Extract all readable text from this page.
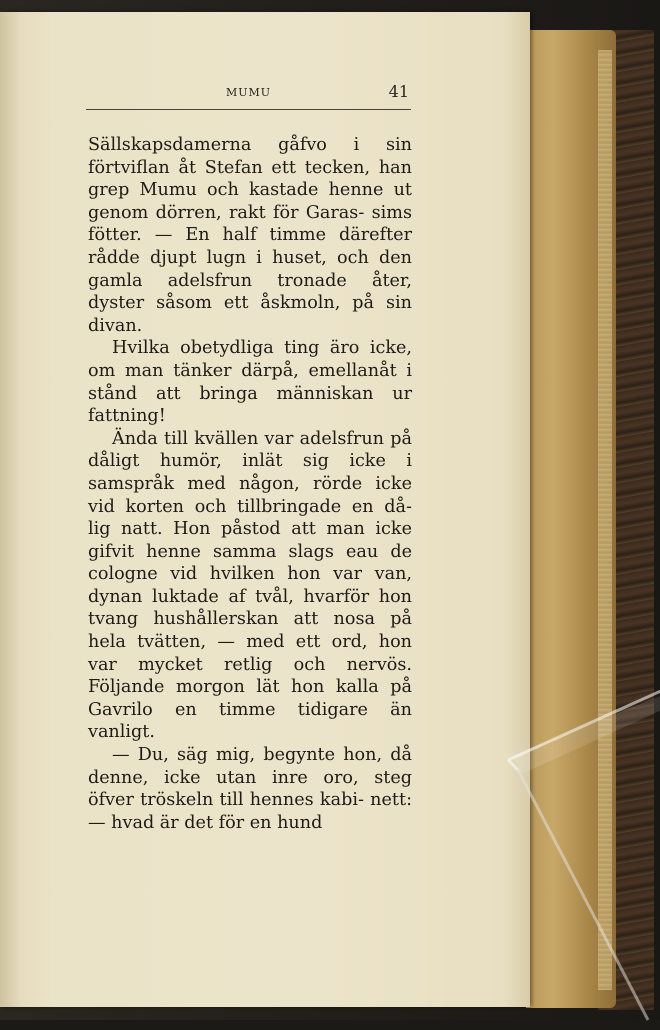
MUMU	41

Sällskapsdamerna gåfvo i sin förtviflan åt Stefan ett tecken, han grep Mumu och kastade henne ut genom dörren, rakt för Garas- sims fötter. — En half timme därefter rådde djupt lugn i huset, och den gamla adelsfrun tronade åter, dyster såsom ett åskmoln, på sin divan.

Hvilka obetydliga ting äro icke, om man tänker därpå, emellanåt i stånd att bringa människan ur fattning!

Ända till kvällen var adelsfrun på dåligt humör, inlät sig icke i samspråk med någon, rörde icke vid korten och tillbringade en då- lig natt. Hon påstod att man icke gifvit henne samma slags eau de cologne vid hvilken hon var van, dynan luktade af tvål, hvarför hon tvang hushållerskan att nosa på hela tvätten, — med ett ord, hon var mycket retlig och nervös. Följande morgon lät hon kalla på Gavrilo en timme tidigare än vanligt.

— Du, säg mig, begynte hon, då denne, icke utan inre oro, steg öfver tröskeln till hennes kabi- nett: — hvad är det för en hund
